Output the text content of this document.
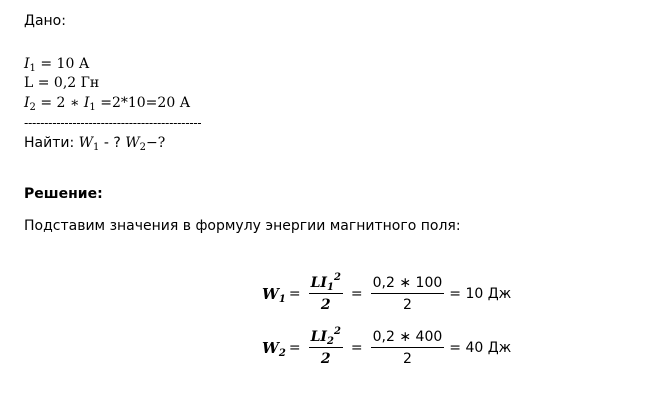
Дано:
$I_1 = 10$ А
L = 0,2 Гн
$I_2 = 2$ ∗ $I_1 =2*10=20$ А
--------------------------------------------
Найти: $W_1$ - ? $W_2-$?
Решение:
Подставим значения в формулу энергии магнитного поля:
$W_1 = \frac{LI_1^2}{2} = \frac{0,2 ∗ 100}{2} = 10$ Дж
$W_2 = \frac{LI_2^2}{2} = \frac{0,2 ∗ 400}{2} = 40$ Дж
